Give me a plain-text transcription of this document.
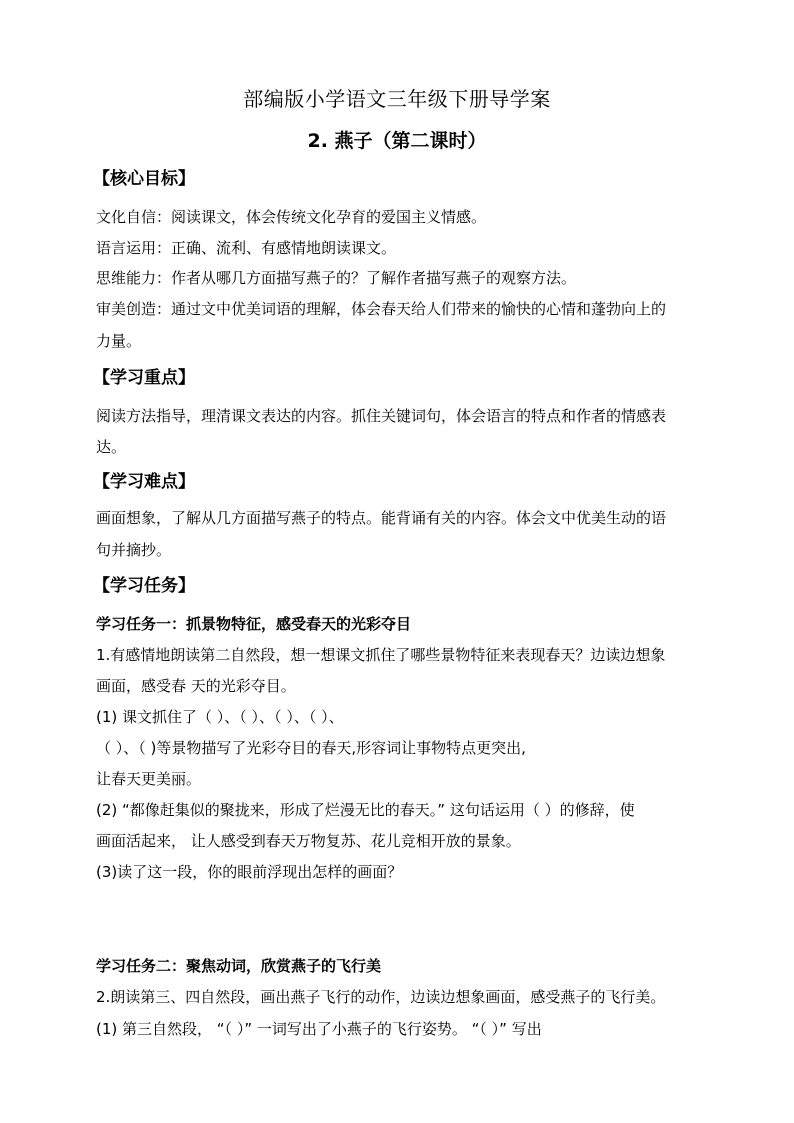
部编版小学语文三年级下册导学案
2. 燕子（第二课时）
【核心目标】
文化自信：阅读课文，体会传统文化孕育的爱国主义情感。
语言运用：正确、流利、有感情地朗读课文。
思维能力：作者从哪几方面描写燕子的？了解作者描写燕子的观察方法。
审美创造：通过文中优美词语的理解，体会春天给人们带来的愉快的心情和蓬勃向上的
力量。
【学习重点】
阅读方法指导，理清课文表达的内容。抓住关键词句，体会语言的特点和作者的情感表
达。
【学习难点】
画面想象，了解从几方面描写燕子的特点。能背诵有关的内容。体会文中优美生动的语
句并摘抄。
【学习任务】
学习任务一：抓景物特征，感受春天的光彩夺目
1.有感情地朗读第二自然段，想一想课文抓住了哪些景物特征来表现春天？边读边想象
画面，感受春 天的光彩夺目。
(1) 课文抓住了（ ）、（ ）、（ ）、（ ）、
（ ）、（ )等景物描写了光彩夺目的春天,形容词让事物特点更突出,
让春天更美丽。
(2) “都像赶集似的聚拢来，形成了烂漫无比的春天。” 这句话运用（ ）的修辞，使
画面活起来， 让人感受到春天万物复苏、花儿竞相开放的景象。
(3)读了这一段，你的眼前浮现出怎样的画面？
学习任务二：聚焦动词，欣赏燕子的飞行美
2.朗读第三、四自然段，画出燕子飞行的动作，边读边想象画面，感受燕子的飞行美。
(1) 第三自然段， “（ ）” 一词写出了小燕子的飞行姿势。 “（ ）” 写出
